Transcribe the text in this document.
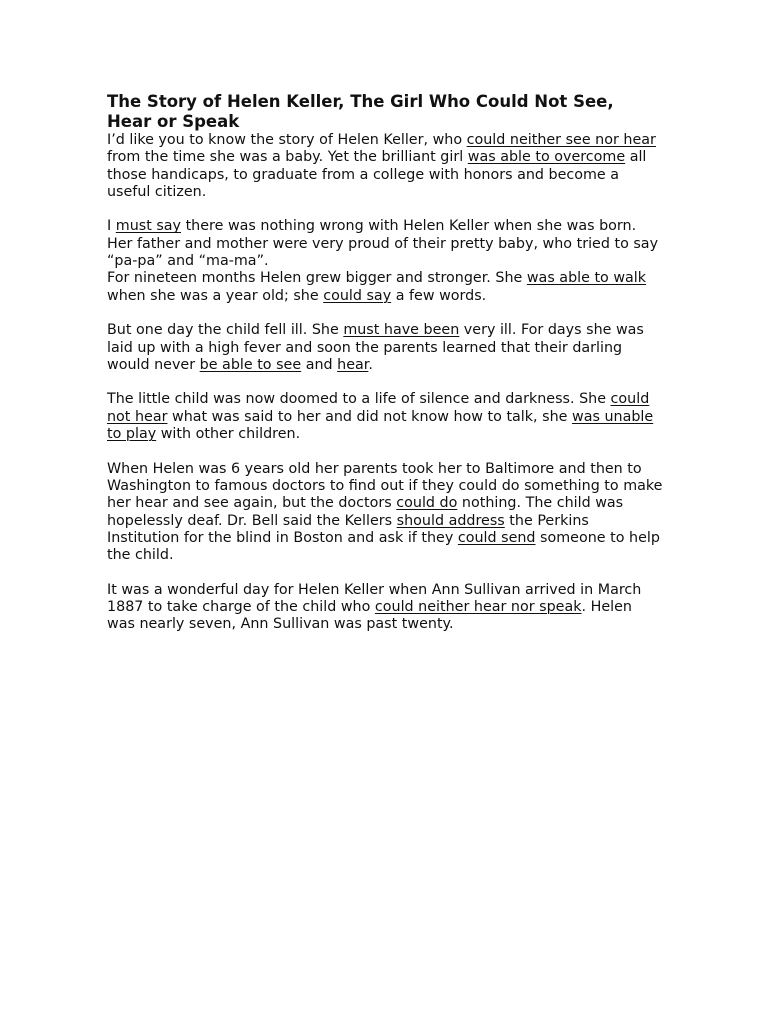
The Story of Helen Keller, The Girl Who Could Not See, Hear or Speak

I’d like you to know the story of Helen Keller, who could neither see nor hear from the time she was a baby. Yet the brilliant girl was able to overcome all those handicaps, to graduate from a college with honors and become a useful citizen.

I must say there was nothing wrong with Helen Keller when she was born. Her father and mother were very proud of their pretty baby, who tried to say “pa-pa” and “ma-ma”.

For nineteen months Helen grew bigger and stronger. She was able to walk when she was a year old; she could say a few words.

But one day the child fell ill. She must have been very ill. For days she was laid up with a high fever and soon the parents learned that their darling would never be able to see and hear.

The little child was now doomed to a life of silence and darkness. She could not hear what was said to her and did not know how to talk, she was unable to play with other children.

When Helen was 6 years old her parents took her to Baltimore and then to Washington to famous doctors to find out if they could do something to make her hear and see again, but the doctors could do nothing. The child was hopelessly deaf. Dr. Bell said the Kellers should address the Perkins Institution for the blind in Boston and ask if they could send someone to help the child.

It was a wonderful day for Helen Keller when Ann Sullivan arrived in March 1887 to take charge of the child who could neither hear nor speak. Helen was nearly seven, Ann Sullivan was past twenty.
